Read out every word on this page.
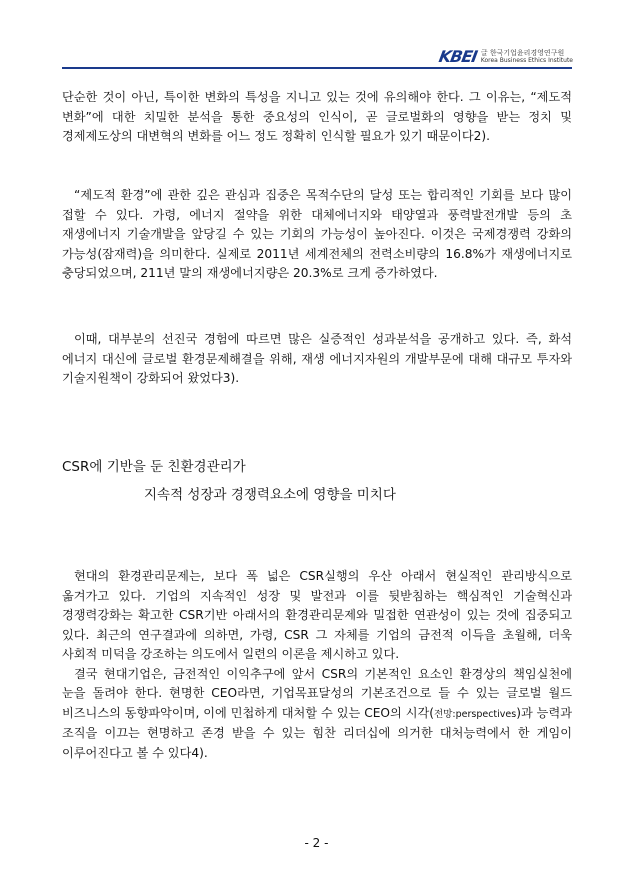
KBEI 글 한국기업윤리경영연구원
Korea Business Ethics Institute

단순한 것이 아닌, 특이한 변화의 특성을 지니고 있는 것에 유의해야 한다. 그 이유는, “제도적 변화”에 대한 치밀한 분석을 통한 중요성의 인식이, 곧 글로벌화의 영향을 받는 정치 및 경제제도상의 대변혁의 변화를 어느 정도 정확히 인식할 필요가 있기 때문이다2).

“제도적 환경”에 관한 깊은 관심과 집중은 목적수단의 달성 또는 합리적인 기회를 보다 많이 접할 수 있다. 가령, 에너지 절약을 위한 대체에너지와 태양열과 풍력발전개발 등의 초 재생에너지 기술개발을 앞당길 수 있는 기회의 가능성이 높아진다. 이것은 국제경쟁력 강화의 가능성(잠재력)을 의미한다. 실제로 2011년 세계전체의 전력소비량의 16.8%가 재생에너지로 충당되었으며, 211년 말의 재생에너지량은 20.3%로 크게 증가하였다.

이때, 대부분의 선진국 경험에 따르면 많은 실증적인 성과분석을 공개하고 있다. 즉, 화석 에너지 대신에 글로벌 환경문제해결을 위해, 재생 에너지자원의 개발부문에 대해 대규모 투자와 기술지원책이 강화되어 왔었다3).

CSR에 기반을 둔 친환경관리가
지속적 성장과 경쟁력요소에 영향을 미치다

현대의 환경관리문제는, 보다 폭 넓은 CSR실행의 우산 아래서 현실적인 관리방식으로 옮겨가고 있다. 기업의 지속적인 성장 및 발전과 이를 뒷받침하는 핵심적인 기술혁신과 경쟁력강화는 확고한 CSR기반 아래서의 환경관리문제와 밀접한 연관성이 있는 것에 집중되고 있다. 최근의 연구결과에 의하면, 가령, CSR 그 자체를 기업의 금전적 이득을 초월해, 더욱 사회적 미덕을 강조하는 의도에서 일련의 이론을 제시하고 있다.

결국 현대기업은, 금전적인 이익추구에 앞서 CSR의 기본적인 요소인 환경상의 책임실천에 눈을 돌려야 한다. 현명한 CEO라면, 기업목표달성의 기본조건으로 들 수 있는 글로벌 월드 비즈니스의 동향파악이며, 이에 민첩하게 대처할 수 있는 CEO의 시각(전망:perspectives)과 능력과 조직을 이끄는 현명하고 존경 받을 수 있는 힘찬 리더십에 의거한 대처능력에서 한 게임이 이루어진다고 볼 수 있다4).

- 2 -
